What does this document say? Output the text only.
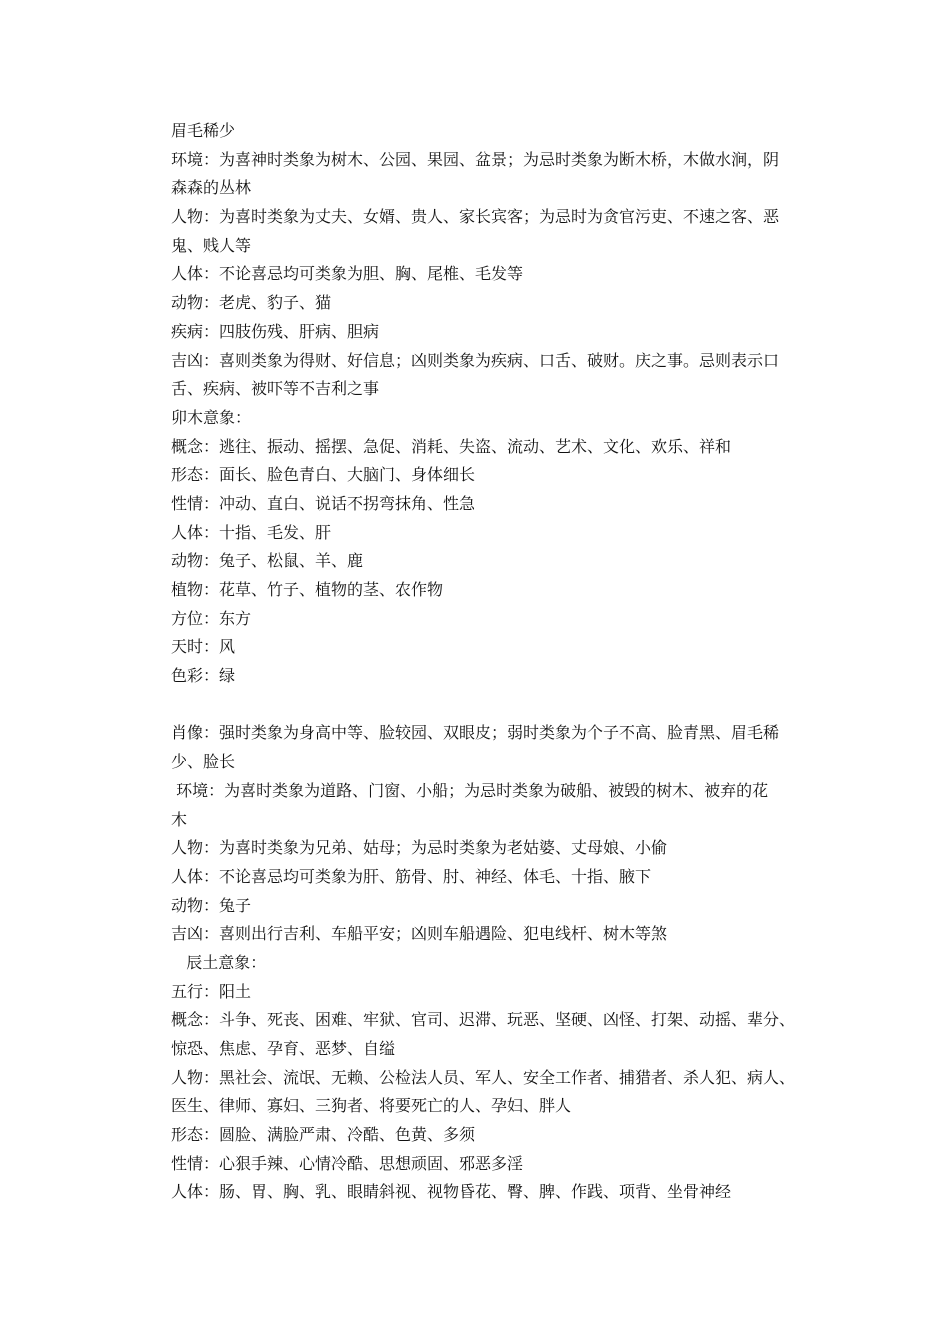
眉毛稀少
环境：为喜神时类象为树木、公园、果园、盆景；为忌时类象为断木桥，木做水涧，阴
森森的丛林
人物：为喜时类象为丈夫、女婿、贵人、家长宾客；为忌时为贪官污吏、不速之客、恶
鬼、贱人等
人体：不论喜忌均可类象为胆、胸、尾椎、毛发等
动物：老虎、豹子、猫
疾病：四肢伤残、肝病、胆病
吉凶：喜则类象为得财、好信息；凶则类象为疾病、口舌、破财。庆之事。忌则表示口
舌、疾病、被吓等不吉利之事
卯木意象：
概念：逃往、振动、摇摆、急促、消耗、失盗、流动、艺术、文化、欢乐、祥和
形态：面长、脸色青白、大脑门、身体细长
性情：冲动、直白、说话不拐弯抹角、性急
人体：十指、毛发、肝
动物：兔子、松鼠、羊、鹿
植物：花草、竹子、植物的茎、农作物
方位：东方
天时：风
色彩：绿
肖像：强时类象为身高中等、脸较园、双眼皮；弱时类象为个子不高、脸青黑、眉毛稀
少、脸长
环境：为喜时类象为道路、门窗、小船；为忌时类象为破船、被毁的树木、被弃的花
木
人物：为喜时类象为兄弟、姑母；为忌时类象为老姑婆、丈母娘、小偷
人体：不论喜忌均可类象为肝、筋骨、肘、神经、体毛、十指、腋下
动物：兔子
吉凶：喜则出行吉利、车船平安；凶则车船遇险、犯电线杆、树木等煞
辰土意象：
五行：阳土
概念：斗争、死丧、困难、牢狱、官司、迟滞、玩恶、坚硬、凶怪、打架、动摇、辈分、
惊恐、焦虑、孕育、恶梦、自缢
人物：黑社会、流氓、无赖、公检法人员、军人、安全工作者、捕猎者、杀人犯、病人、
医生、律师、寡妇、三狗者、将要死亡的人、孕妇、胖人
形态：圆脸、满脸严肃、冷酷、色黄、多须
性情：心狠手辣、心情冷酷、思想顽固、邪恶多淫
人体：肠、胃、胸、乳、眼睛斜视、视物昏花、臀、脾、作践、项背、坐骨神经
